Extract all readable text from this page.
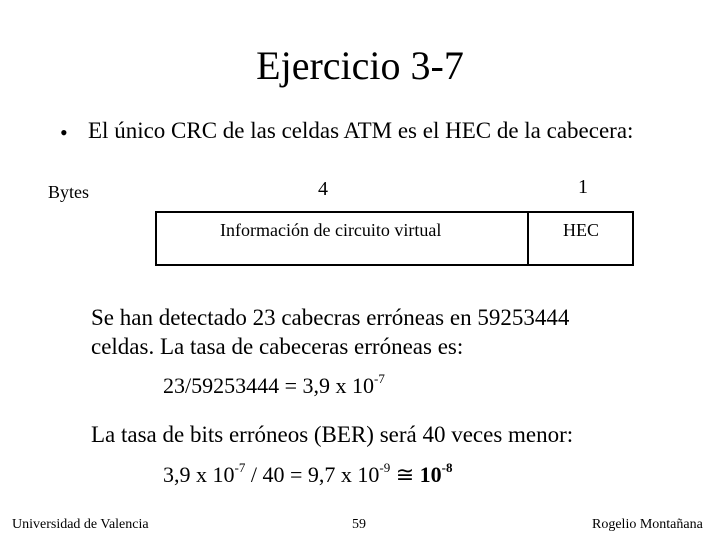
Ejercicio 3-7
• El único CRC de las celdas ATM es el HEC de la cabecera:
Bytes	4	1
Información de circuito virtual	HEC
Se han detectado 23 cabecras erróneas en 59253444
celdas. La tasa de cabeceras erróneas es:
23/59253444 = 3,9 x $10^{-7}$
La tasa de bits erróneos (BER) será 40 veces menor:
3,9 x $10^{-7} / 40 = 9,7$ x $10^{-9}$ ≅ $10^{-8}$
Universidad de Valencia	59	Rogelio Montañana
